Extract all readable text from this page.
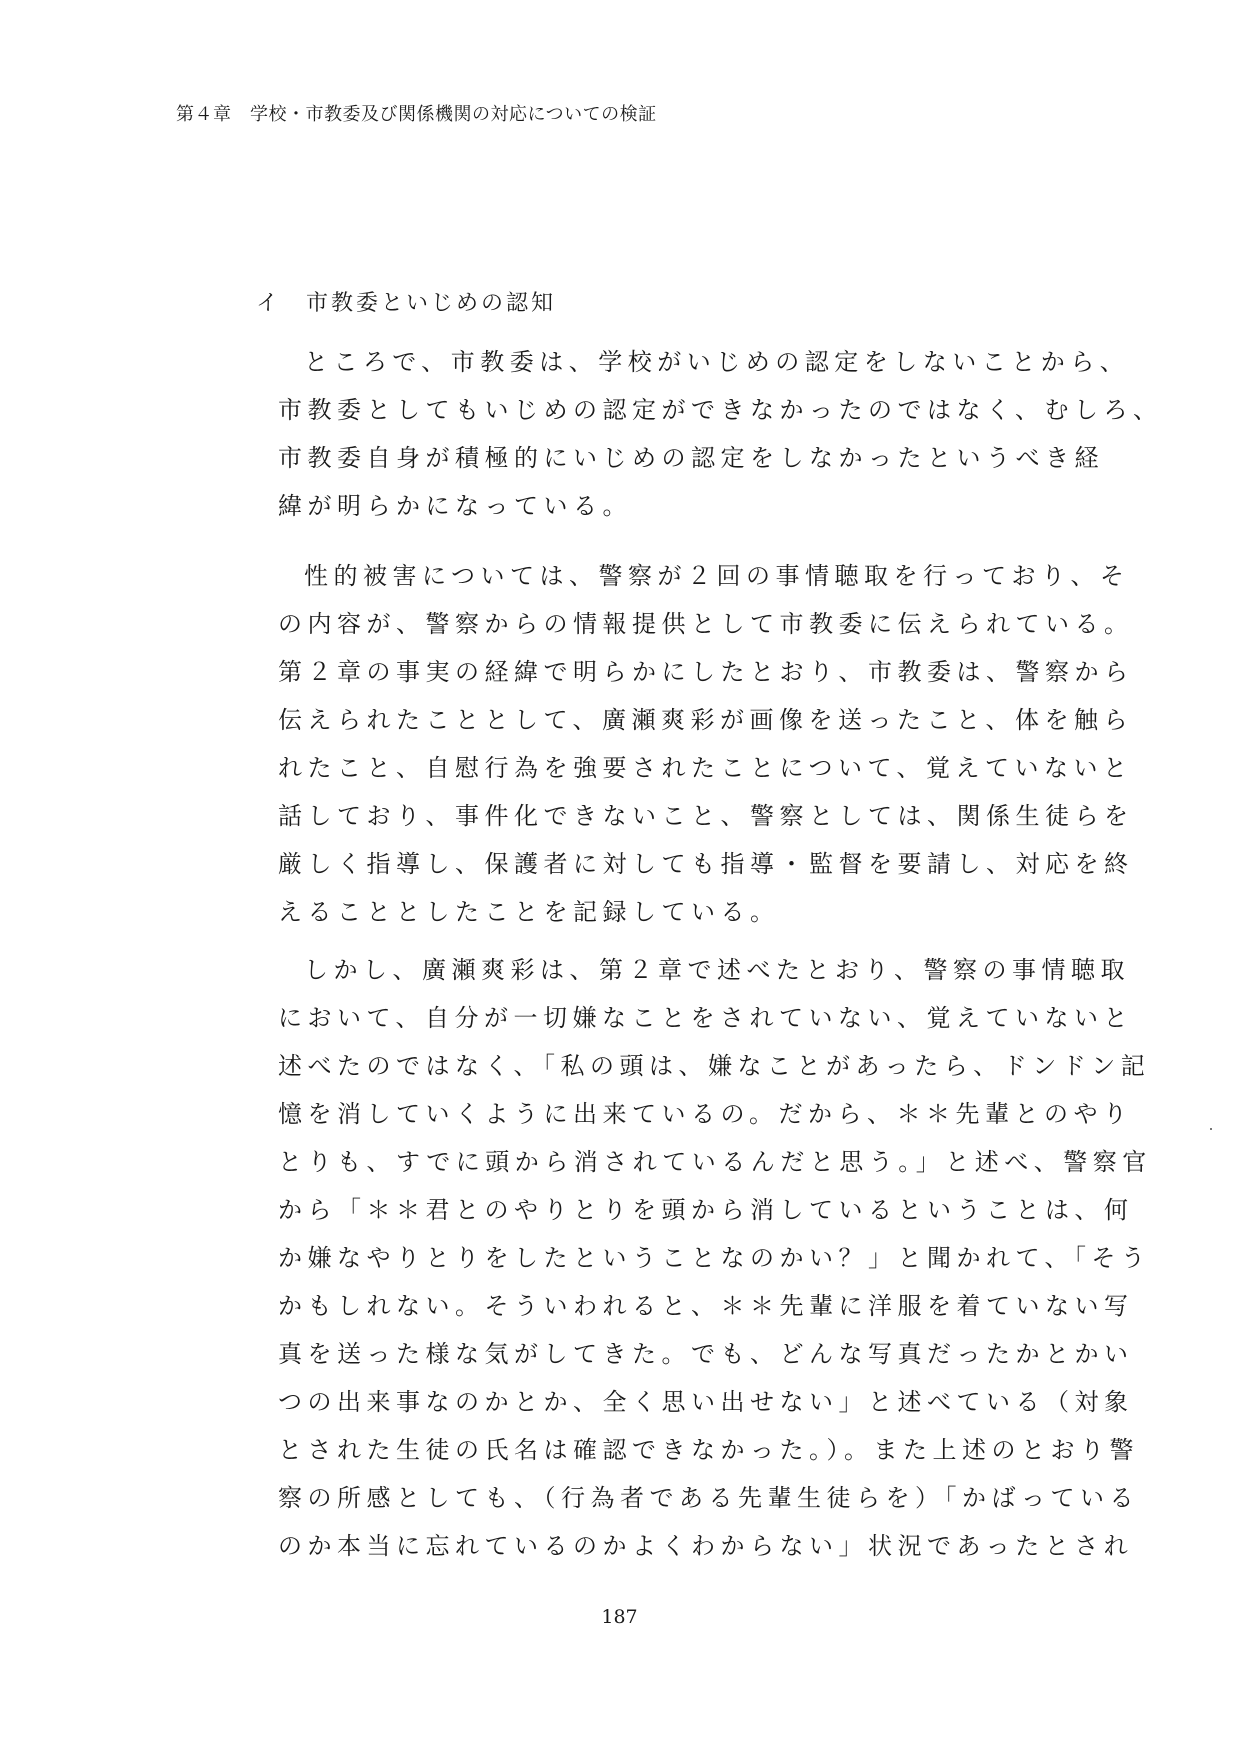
第４章　学校・市教委及び関係機関の対応についての検証
イ　市教委といじめの認知
ところで、市教委は、学校がいじめの認定をしないことから、
市教委としてもいじめの認定ができなかったのではなく、むしろ、
市教委自身が積極的にいじめの認定をしなかったというべき経
緯が明らかになっている。
性的被害については、警察が２回の事情聴取を行っており、そ
の内容が、警察からの情報提供として市教委に伝えられている。
第２章の事実の経緯で明らかにしたとおり、市教委は、警察から
伝えられたこととして、廣瀬爽彩が画像を送ったこと、体を触ら
れたこと、自慰行為を強要されたことについて、覚えていないと
話しており、事件化できないこと、警察としては、関係生徒らを
厳しく指導し、保護者に対しても指導・監督を要請し、対応を終
えることとしたことを記録している。
しかし、廣瀬爽彩は、第２章で述べたとおり、警察の事情聴取
において、自分が一切嫌なことをされていない、覚えていないと
述べたのではなく、「私の頭は、嫌なことがあったら、ドンドン記
憶を消していくように出来ているの。だから、＊＊先輩とのやり
とりも、すでに頭から消されているんだと思う。」と述べ、警察官
から「＊＊君とのやりとりを頭から消しているということは、何
か嫌なやりとりをしたということなのかい？」と聞かれて、「そう
かもしれない。そういわれると、＊＊先輩に洋服を着ていない写
真を送った様な気がしてきた。でも、どんな写真だったかとかい
つの出来事なのかとか、全く思い出せない」と述べている（対象
とされた生徒の氏名は確認できなかった。）。また上述のとおり警
察の所感としても、（行為者である先輩生徒らを）「かばっている
のか本当に忘れているのかよくわからない」状況であったとされ
187
